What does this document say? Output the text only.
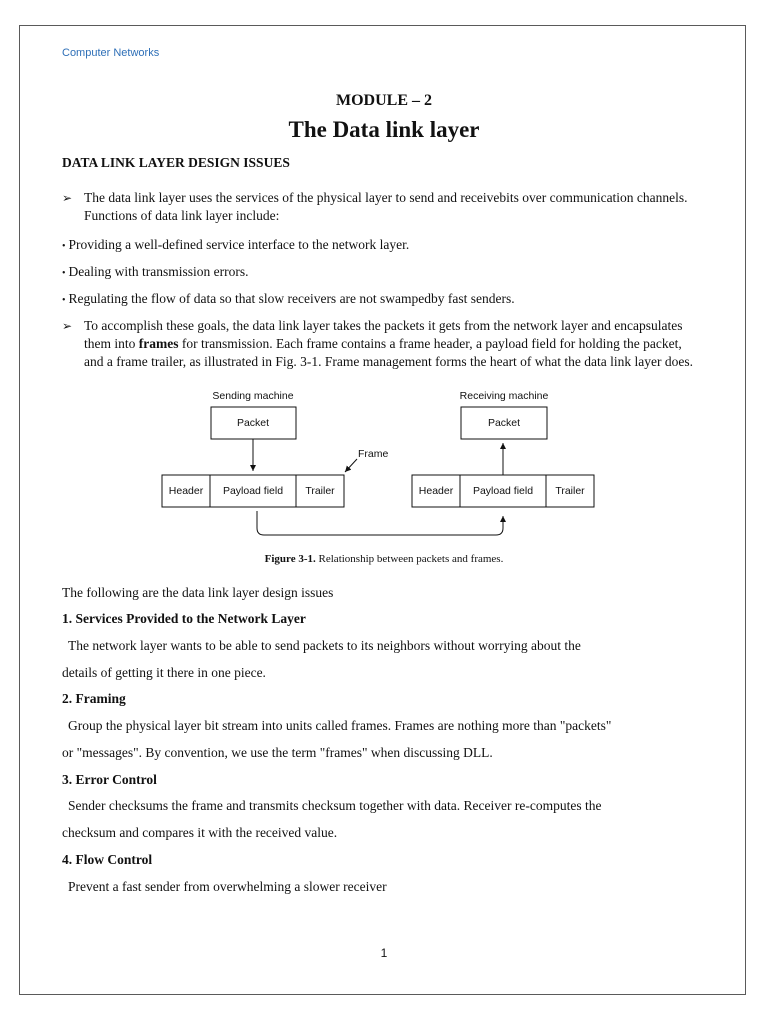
Computer Networks
MODULE – 2
The Data link layer
DATA LINK LAYER DESIGN ISSUES
➢ The data link layer uses the services of the physical layer to send and receivebits over communication channels.
Functions of data link layer include:
• Providing a well-defined service interface to the network layer.
• Dealing with transmission errors.
• Regulating the flow of data so that slow receivers are not swampedby fast senders.
➢ To accomplish these goals, the data link layer takes the packets it gets from the network layer and encapsulates
them into frames for transmission. Each frame contains a frame header, a payload field for holding the packet,
and a frame trailer, as illustrated in Fig. 3-1. Frame management forms the heart of what the data link layer does.
Sending machine
Packet
Header Payload field Trailer
Frame
Receiving machine
Packet
Header Payload field Trailer
Figure 3-1. Relationship between packets and frames.
The following are the data link layer design issues
1. Services Provided to the Network Layer
The network layer wants to be able to send packets to its neighbors without worrying about the
details of getting it there in one piece.
2. Framing
Group the physical layer bit stream into units called frames. Frames are nothing more than "packets"
or "messages". By convention, we use the term "frames" when discussing DLL.
3. Error Control
Sender checksums the frame and transmits checksum together with data. Receiver re-computes the
checksum and compares it with the received value.
4. Flow Control
Prevent a fast sender from overwhelming a slower receiver
1
